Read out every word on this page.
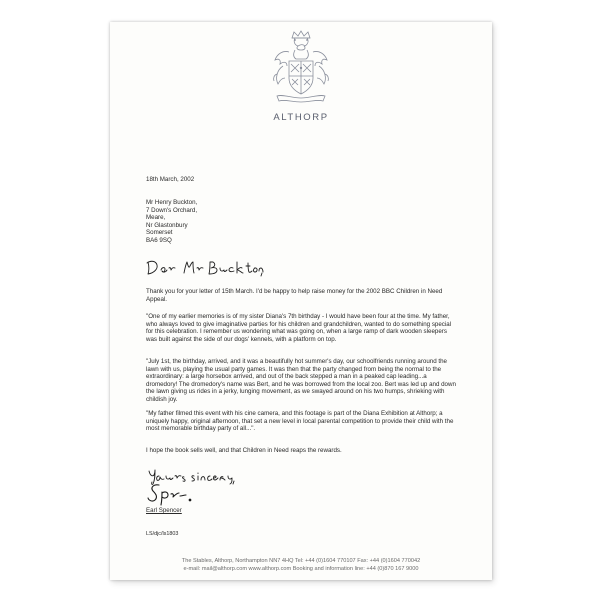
ALTHORP
18th March, 2002
Mr Henry Buckton,
7 Down's Orchard,
Meare,
Nr Glastonbury
Somerset
BA6 9SQ
Thank you for your letter of 15th March. I'd be happy to help raise money for the 2002 BBC Children in Need Appeal.
"One of my earlier memories is of my sister Diana's 7th birthday - I would have been four at the time. My father, who always loved to give imaginative parties for his children and grandchildren, wanted to do something special for this celebration. I remember us wondering what was going on, when a large ramp of dark wooden sleepers was built against the side of our dogs' kennels, with a platform on top.
"July 1st, the birthday, arrived, and it was a beautifully hot summer's day, our schoolfriends running around the lawn with us, playing the usual party games. It was then that the party changed from being the normal to the extraordinary: a large horsebox arrived, and out of the back stepped a man in a peaked cap leading...a dromedory! The dromedory's name was Bert, and he was borrowed from the local zoo. Bert was led up and down the lawn giving us rides in a jerky, lunging movement, as we swayed around on his two humps, shrieking with childish joy.
"My father filmed this event with his cine camera, and this footage is part of the Diana Exhibition at Althorp; a uniquely happy, original afternoon, that set a new level in local parental competition to provide their child with the most memorable birthday party of all...".
I hope the book sells well, and that Children in Need reaps the rewards.
Earl Spencer
LS/djc/ls1803
The Stables, Althorp, Northampton NN7 4HQ Tel: +44 (0)1604 770107 Fax: +44 (0)1604 770042
e-mail: mail@althorp.com www.althorp.com Booking and information line: +44 (0)870 167 9000
